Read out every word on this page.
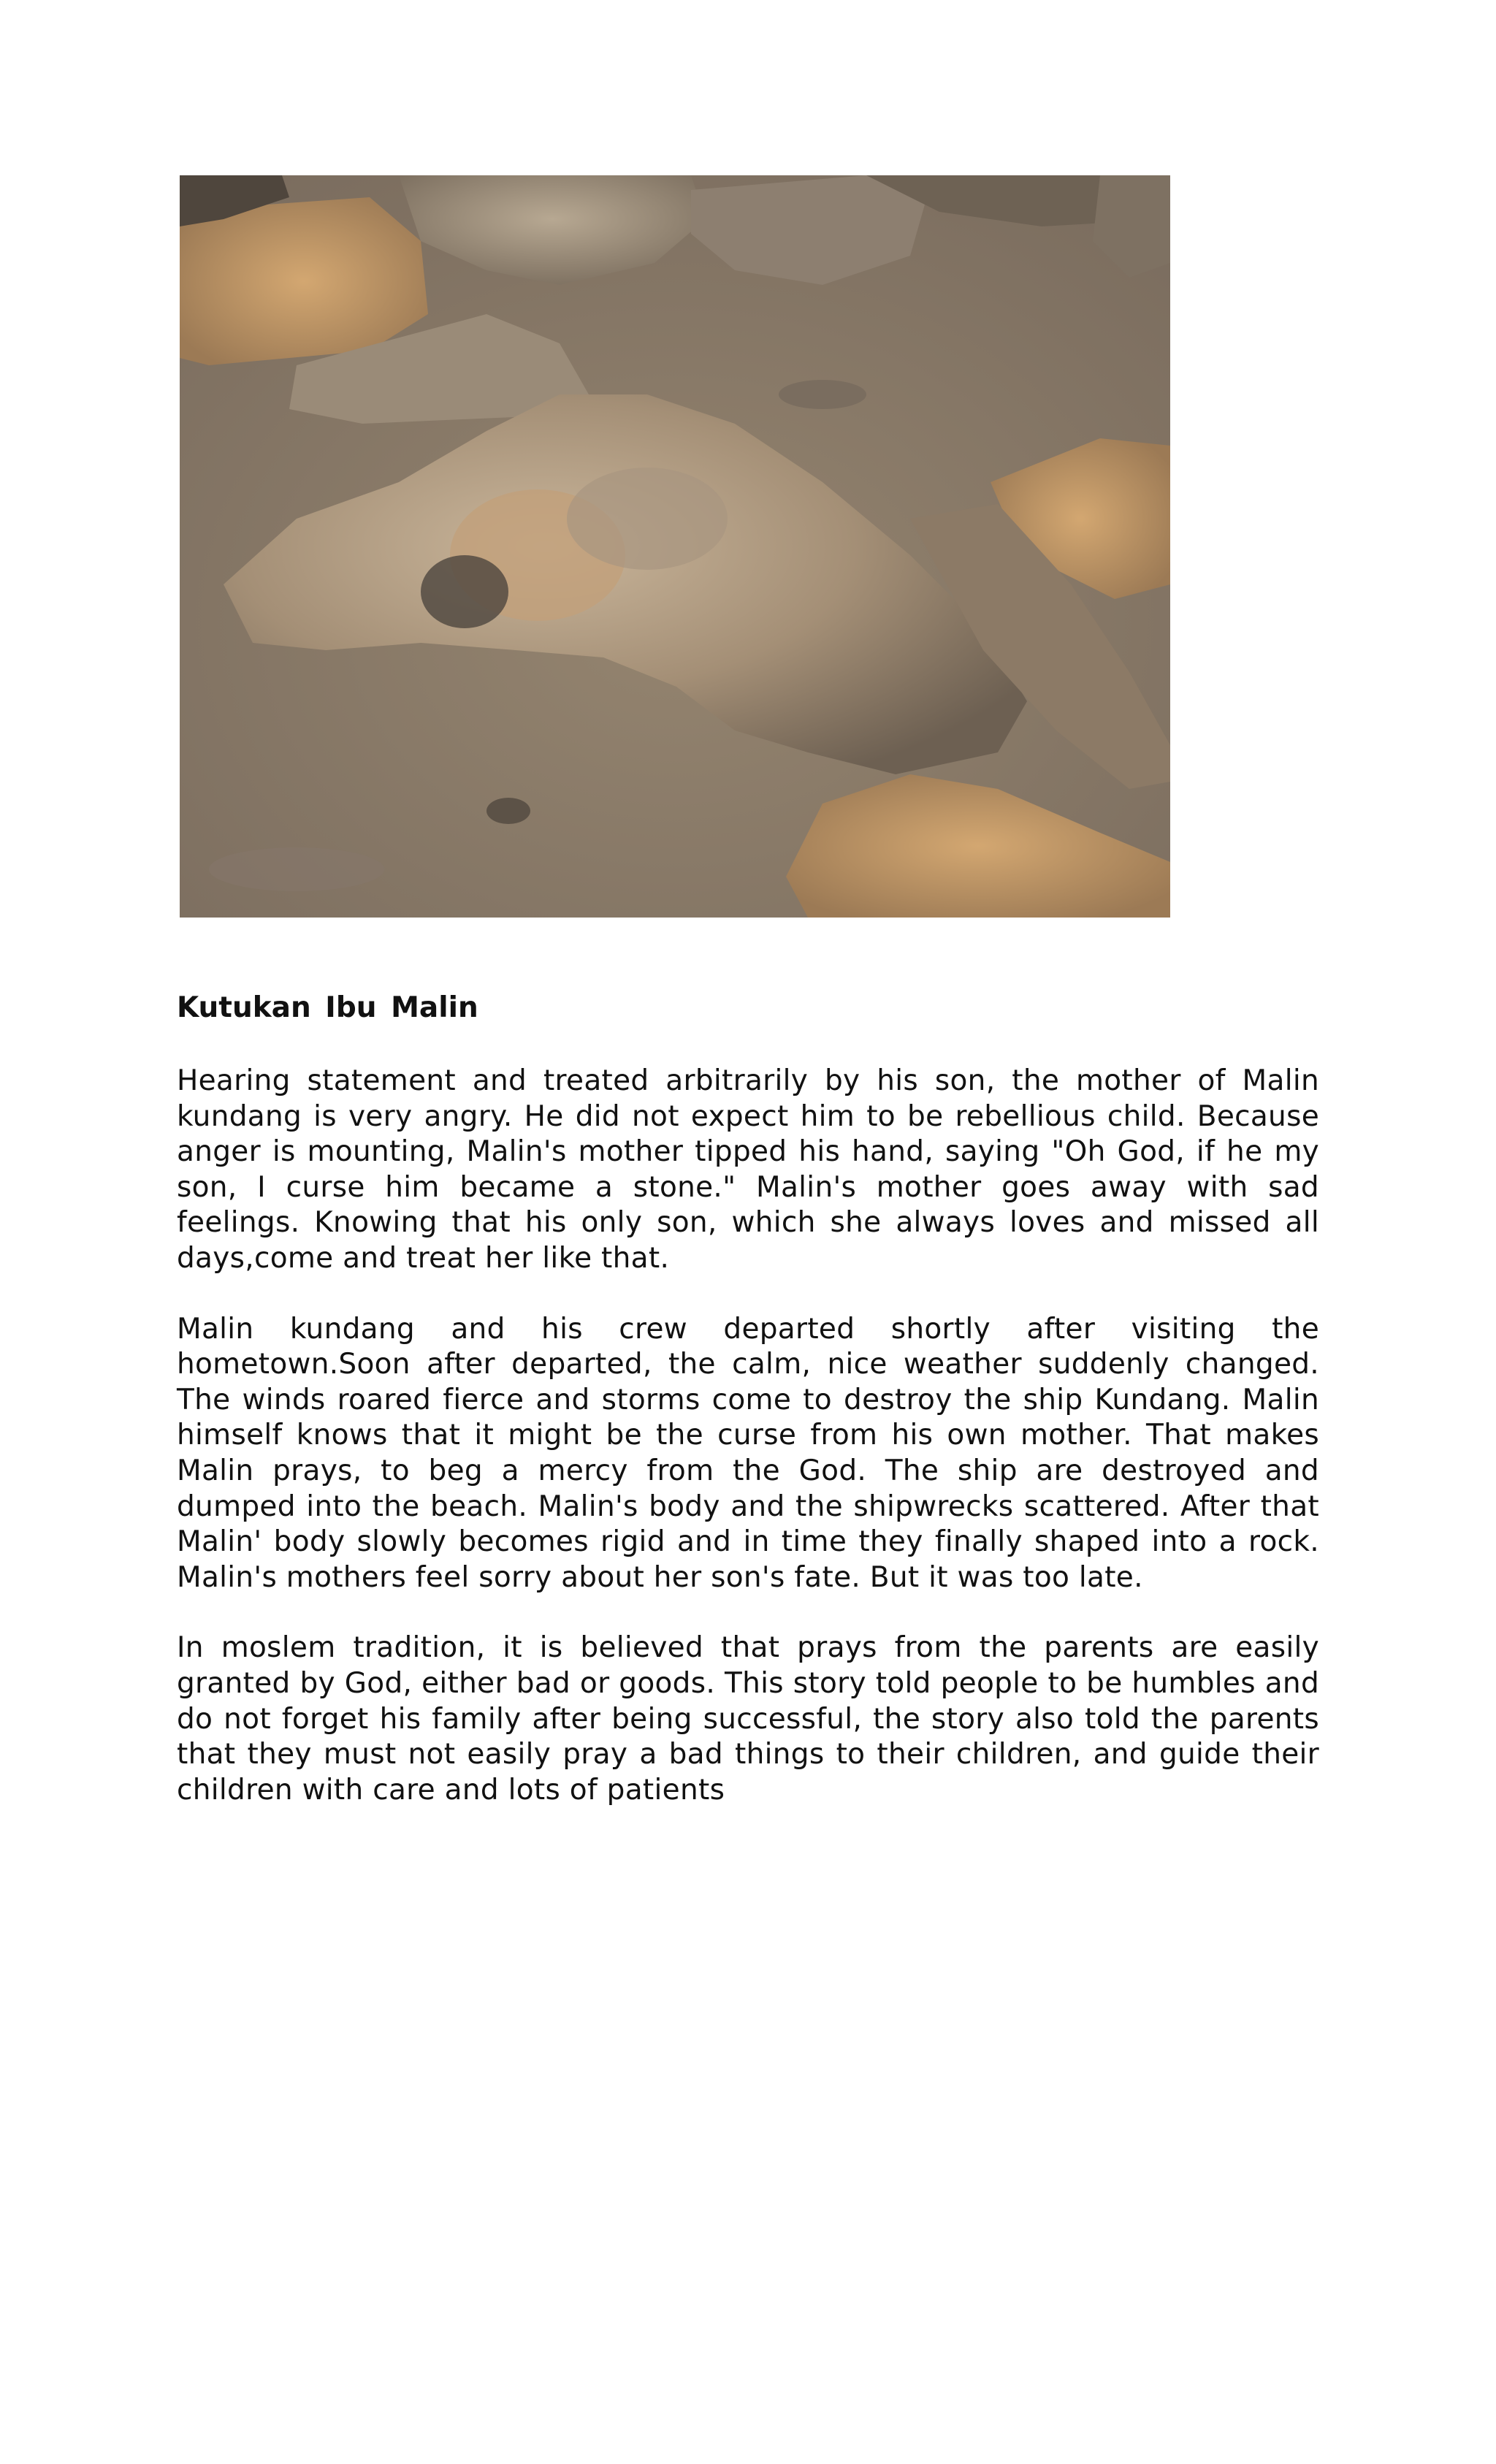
Kutukan Ibu Malin

Hearing statement and treated arbitrarily by his son, the mother of Malin kundang is very angry. He did not expect him to be rebellious child. Because anger is mounting, Malin's mother tipped his hand, saying "Oh God, if he my son, I curse him became a stone." Malin's mother goes away with sad feelings. Knowing that his only son, which she always loves and missed all days,come and treat her like that.

Malin kundang and his crew departed shortly after visiting the hometown.Soon after departed, the calm, nice weather suddenly changed. The winds roared fierce and storms come to destroy the ship Kundang. Malin himself knows that it might be the curse from his own mother. That makes Malin prays, to beg a mercy from the God. The ship are destroyed and dumped into the beach. Malin's body and the shipwrecks scattered. After that Malin' body slowly becomes rigid and in time they finally shaped into a rock. Malin's mothers feel sorry about her son's fate. But it was too late.

In moslem tradition, it is believed that prays from the parents are easily granted by God, either bad or goods. This story told people to be humbles and do not forget his family after being successful, the story also told the parents that they must not easily pray a bad things to their children, and guide their children with care and lots of patients
